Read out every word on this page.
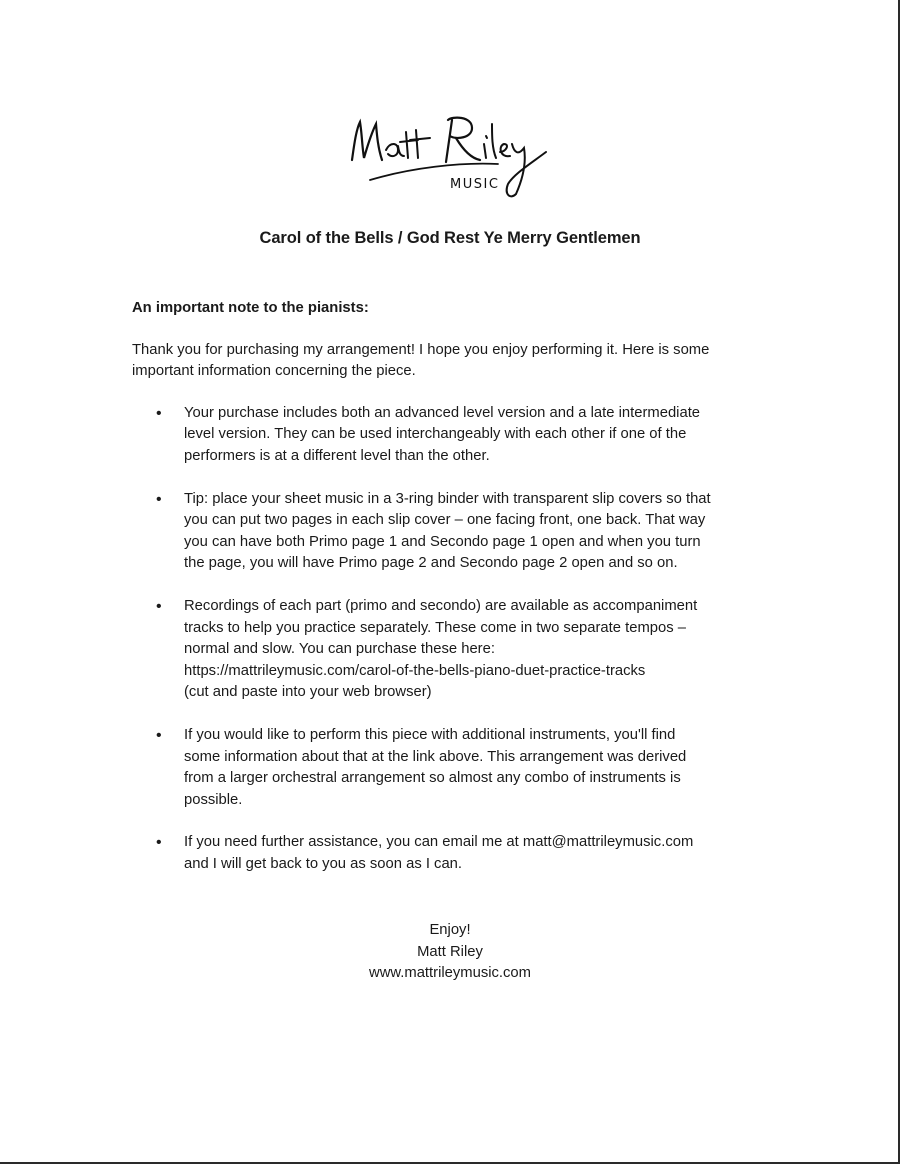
MUSIC
Carol of the Bells / God Rest Ye Merry Gentlemen
An important note to the pianists:
Thank you for purchasing my arrangement! I hope you enjoy performing it. Here is some important information concerning the piece.
• Your purchase includes both an advanced level version and a late intermediate
level version. They can be used interchangeably with each other if one of the
performers is at a different level than the other.
• Tip: place your sheet music in a 3-ring binder with transparent slip covers so that
you can put two pages in each slip cover – one facing front, one back. That way
you can have both Primo page 1 and Secondo page 1 open and when you turn
the page, you will have Primo page 2 and Secondo page 2 open and so on.
• Recordings of each part (primo and secondo) are available as accompaniment
tracks to help you practice separately. These come in two separate tempos –
normal and slow. You can purchase these here:
https://mattrileymusic.com/carol-of-the-bells-piano-duet-practice-tracks
(cut and paste into your web browser)
• If you would like to perform this piece with additional instruments, you'll find
some information about that at the link above. This arrangement was derived
from a larger orchestral arrangement so almost any combo of instruments is
possible.
• If you need further assistance, you can email me at matt@mattrileymusic.com
and I will get back to you as soon as I can.
Enjoy!
Matt Riley
www.mattrileymusic.com
